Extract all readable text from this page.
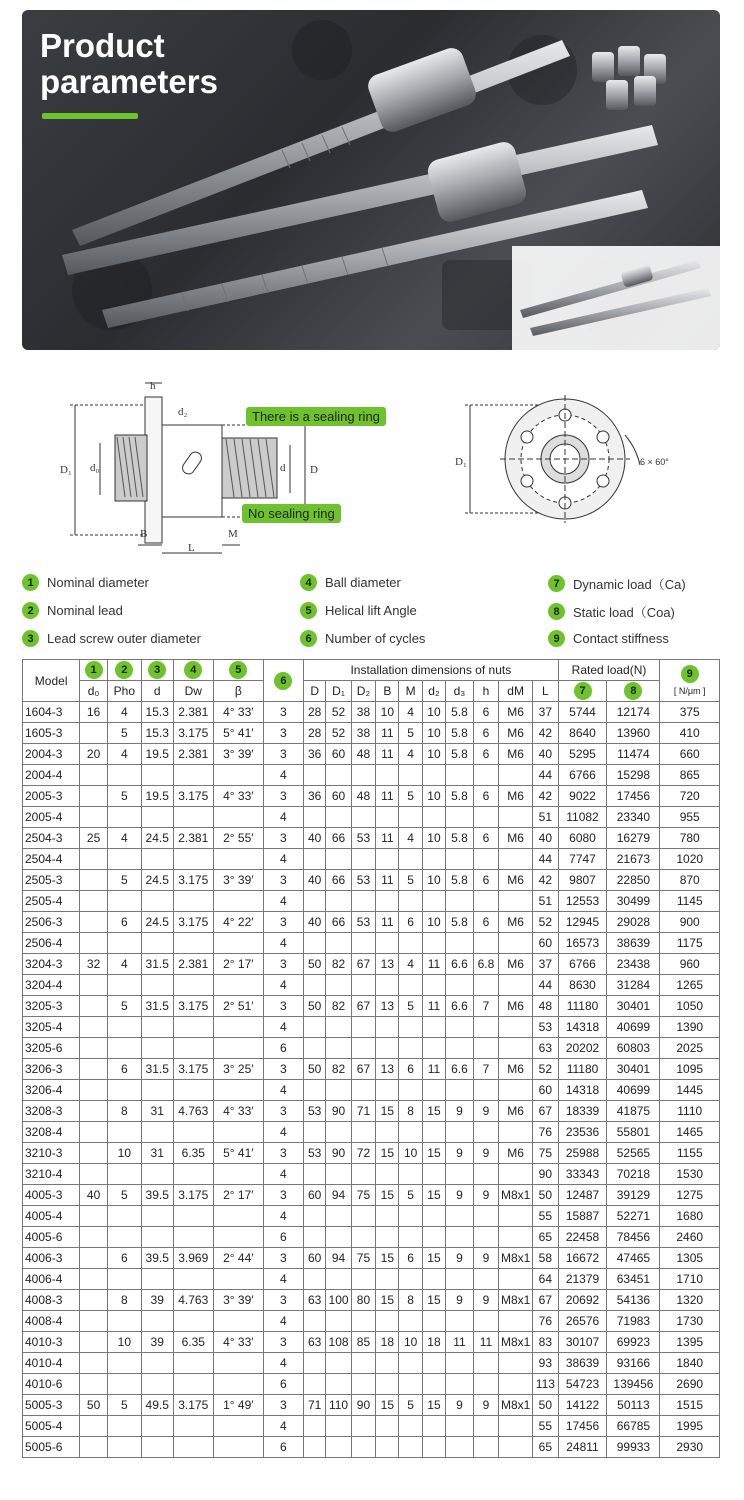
Product
parameters
D₁ d₀	D
d
B
L
M
h
d₂
D₁	6 × 60°
There is a sealing ring
No sealing ring
1	Nominal diameter
2	Nominal lead
3	Lead screw outer diameter
4	Ball diameter
5	Helical lift Angle
6	Number of cycles
7	Dynamic load（Ca)
8	Static load（Coa)
9	Contact stiffness
Model	1	2	3	4	5	6	Installation dimensions of nuts										Rated load(N)		9
[ N/μm ]
	d₀	Pho	d	Dw	β		D	D₁	D₂	B	M	d₂	d₃	h	dM	L	7	8	
1604-3	16	4	15.3	2.381	4° 33′	3	28	52	38	10	4	10	5.8	6	M6	37	5744	12174	375
1605-3		5	15.3	3.175	5° 41′	3	28	52	38	11	5	10	5.8	6	M6	42	8640	13960	410
2004-3	20	4	19.5	2.381	3° 39′	3	36	60	48	11	4	10	5.8	6	M6	40	5295	11474	660
2004-4						4										44	6766	15298	865
2005-3		5	19.5	3.175	4° 33′	3	36	60	48	11	5	10	5.8	6	M6	42	9022	17456	720
2005-4						4										51	11082	23340	955
2504-3	25	4	24.5	2.381	2° 55′	3	40	66	53	11	4	10	5.8	6	M6	40	6080	16279	780
2504-4						4										44	7747	21673	1020
2505-3		5	24.5	3.175	3° 39′	3	40	66	53	11	5	10	5.8	6	M6	42	9807	22850	870
2505-4						4										51	12553	30499	1145
2506-3		6	24.5	3.175	4° 22′	3	40	66	53	11	6	10	5.8	6	M6	52	12945	29028	900
2506-4						4										60	16573	38639	1175
3204-3	32	4	31.5	2.381	2° 17′	3	50	82	67	13	4	11	6.6	6.8	M6	37	6766	23438	960
3204-4						4										44	8630	31284	1265
3205-3		5	31.5	3.175	2° 51′	3	50	82	67	13	5	11	6.6	7	M6	48	11180	30401	1050
3205-4						4										53	14318	40699	1390
3205-6						6										63	20202	60803	2025
3206-3		6	31.5	3.175	3° 25′	3	50	82	67	13	6	11	6.6	7	M6	52	11180	30401	1095
3206-4						4										60	14318	40699	1445
3208-3		8	31	4.763	4° 33′	3	53	90	71	15	8	15	9	9	M6	67	18339	41875	1110
3208-4						4										76	23536	55801	1465
3210-3		10	31	6.35	5° 41′	3	53	90	72	15	10	15	9	9	M6	75	25988	52565	1155
3210-4						4										90	33343	70218	1530
4005-3	40	5	39.5	3.175	2° 17′	3	60	94	75	15	5	15	9	9	M8x1	50	12487	39129	1275
4005-4						4										55	15887	52271	1680
4005-6						6										65	22458	78456	2460
4006-3		6	39.5	3.969	2° 44′	3	60	94	75	15	6	15	9	9	M8x1	58	16672	47465	1305
4006-4						4										64	21379	63451	1710
4008-3		8	39	4.763	3° 39′	3	63	100	80	15	8	15	9	9	M8x1	67	20692	54136	1320
4008-4						4										76	26576	71983	1730
4010-3		10	39	6.35	4° 33′	3	63	108	85	18	10	18	11	11	M8x1	83	30107	69923	1395
4010-4						4										93	38639	93166	1840
4010-6						6										113	54723	139456	2690
5005-3	50	5	49.5	3.175	1° 49′	3	71	110	90	15	5	15	9	9	M8x1	50	14122	50113	1515
5005-4						4										55	17456	66785	1995
5005-6						6										65	24811	99933	2930
